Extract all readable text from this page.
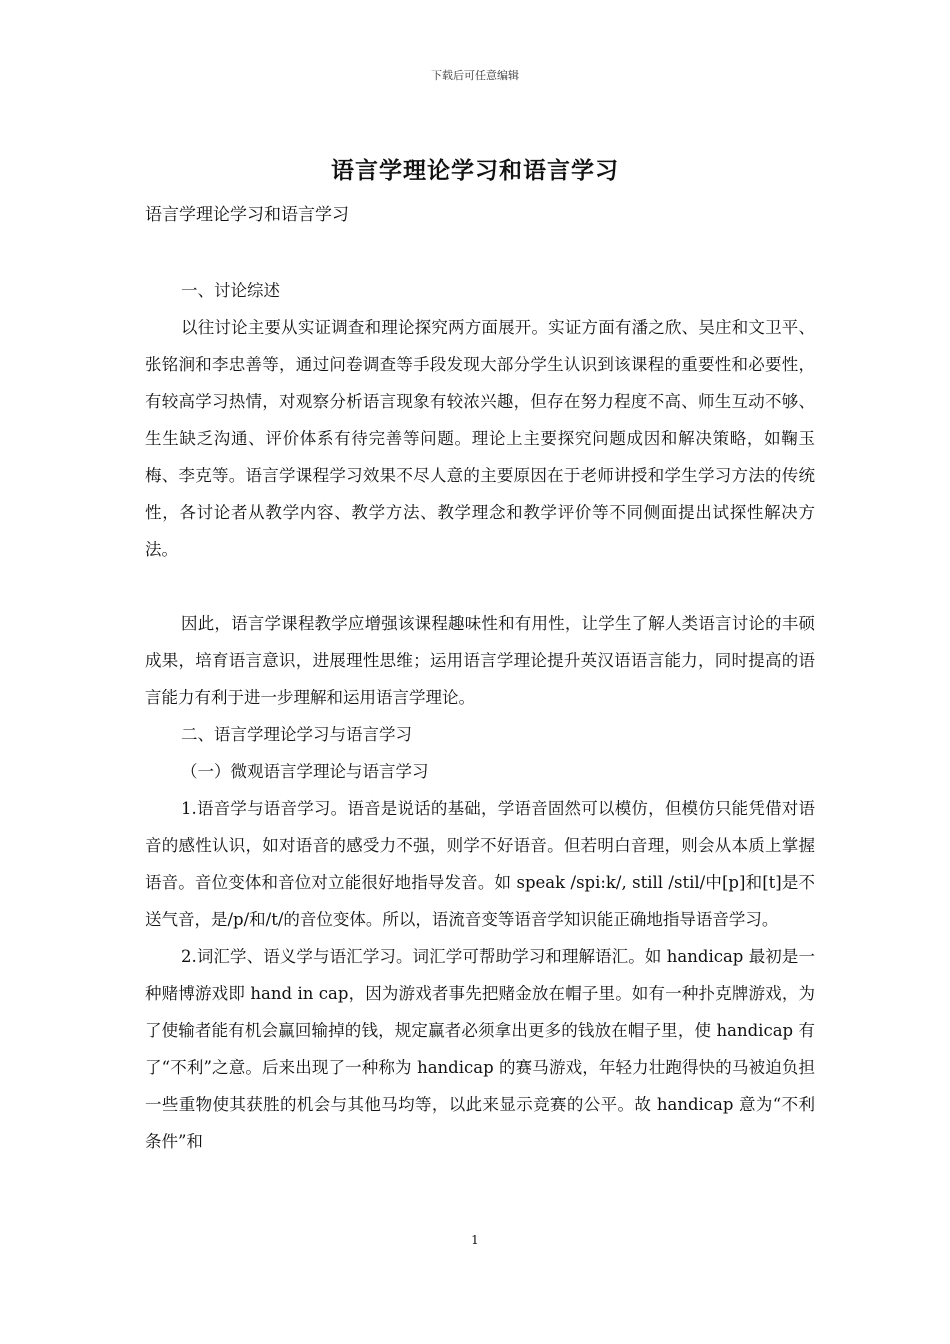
下载后可任意编辑
语言学理论学习和语言学习
语言学理论学习和语言学习

一、讨论综述

以往讨论主要从实证调查和理论探究两方面展开。实证方面有潘之欣、吴庄和文卫平、张铭涧和李忠善等，通过问卷调查等手段发现大部分学生认识到该课程的重要性和必要性，有较高学习热情，对观察分析语言现象有较浓兴趣，但存在努力程度不高、师生互动不够、生生缺乏沟通、评价体系有待完善等问题。理论上主要探究问题成因和解决策略，如鞠玉梅、李克等。语言学课程学习效果不尽人意的主要原因在于老师讲授和学生学习方法的传统性，各讨论者从教学内容、教学方法、教学理念和教学评价等不同侧面提出试探性解决方法。

因此，语言学课程教学应增强该课程趣味性和有用性，让学生了解人类语言讨论的丰硕成果，培育语言意识，进展理性思维；运用语言学理论提升英汉语语言能力，同时提高的语言能力有利于进一步理解和运用语言学理论。

二、语言学理论学习与语言学习

（一）微观语言学理论与语言学习

1.语音学与语音学习。语音是说话的基础，学语音固然可以模仿，但模仿只能凭借对语音的感性认识，如对语音的感受力不强，则学不好语音。但若明白音理，则会从本质上掌握语音。音位变体和音位对立能很好地指导发音。如 speak /spi:k/, still /stil/中[p]和[t]是不送气音，是/p/和/t/的音位变体。所以，语流音变等语音学知识能正确地指导语音学习。

2.词汇学、语义学与语汇学习。词汇学可帮助学习和理解语汇。如 handicap 最初是一种赌博游戏即 hand in cap，因为游戏者事先把赌金放在帽子里。如有一种扑克牌游戏，为了使输者能有机会赢回输掉的钱，规定赢者必须拿出更多的钱放在帽子里，使 handicap 有了“不利”之意。后来出现了一种称为 handicap 的赛马游戏，年轻力壮跑得快的马被迫负担一些重物使其获胜的机会与其他马均等，以此来显示竞赛的公平。故 handicap 意为“不利条件”和

1
